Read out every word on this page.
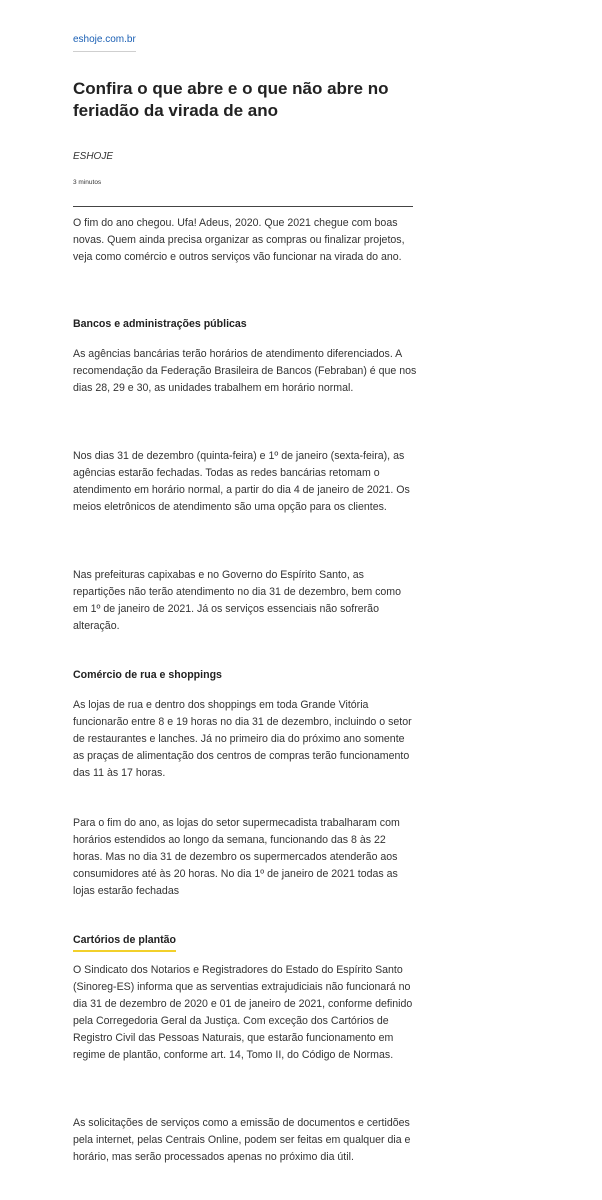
eshoje.com.br
Confira o que abre e o que não abre no feriadão da virada de ano
ESHOJE
3 minutos

O fim do ano chegou. Ufa! Adeus, 2020. Que 2021 chegue com boas novas. Quem ainda precisa organizar as compras ou finalizar projetos, veja como comércio e outros serviços vão funcionar na virada do ano.

Bancos e administrações públicas

As agências bancárias terão horários de atendimento diferenciados. A recomendação da Federação Brasileira de Bancos (Febraban) é que nos dias 28, 29 e 30, as unidades trabalhem em horário normal.

Nos dias 31 de dezembro (quinta-feira) e 1º de janeiro (sexta-feira), as agências estarão fechadas. Todas as redes bancárias retomam o atendimento em horário normal, a partir do dia 4 de janeiro de 2021. Os meios eletrônicos de atendimento são uma opção para os clientes.

Nas prefeituras capixabas e no Governo do Espírito Santo, as repartições não terão atendimento no dia 31 de dezembro, bem como em 1º de janeiro de 2021. Já os serviços essenciais não sofrerão alteração.

Comércio de rua e shoppings

As lojas de rua e dentro dos shoppings em toda Grande Vitória funcionarão entre 8 e 19 horas no dia 31 de dezembro, incluindo o setor de restaurantes e lanches. Já no primeiro dia do próximo ano somente as praças de alimentação dos centros de compras terão funcionamento das 11 às 17 horas.

Para o fim do ano, as lojas do setor supermecadista trabalharam com horários estendidos ao longo da semana, funcionando das 8 às 22 horas. Mas no dia 31 de dezembro os supermercados atenderão aos consumidores até às 20 horas. No dia 1º de janeiro de 2021 todas as lojas estarão fechadas

Cartórios de plantão

O Sindicato dos Notarios e Registradores do Estado do Espírito Santo (Sinoreg-ES) informa que as serventias extrajudiciais não funcionará no dia 31 de dezembro de 2020 e 01 de janeiro de 2021, conforme definido pela Corregedoria Geral da Justiça. Com exceção dos Cartórios de Registro Civil das Pessoas Naturais, que estarão funcionamento em regime de plantão, conforme art. 14, Tomo II, do Código de Normas.

As solicitações de serviços como a emissão de documentos e certidões pela internet, pelas Centrais Online, podem ser feitas em qualquer dia e horário, mas serão processados apenas no próximo dia útil.
